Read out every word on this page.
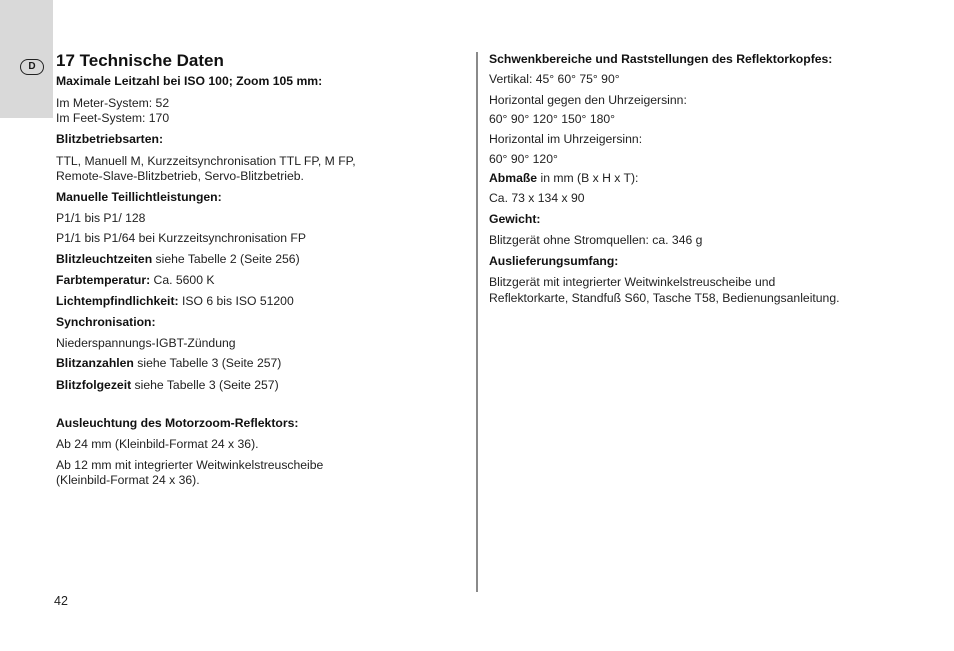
D	17 Technische Daten
Maximale Leitzahl bei ISO 100; Zoom 105 mm:
Im Meter-System: 52
Im Feet-System: 170
Blitzbetriebsarten:
TTL, Manuell M, Kurzzeitsynchronisation TTL FP, M FP,
Remote-Slave-Blitzbetrieb, Servo-Blitzbetrieb.
Manuelle Teillichtleistungen:
P1/1 bis P1/ 128
P1/1 bis P1/64 bei Kurzzeitsynchronisation FP
Blitzleuchtzeiten siehe Tabelle 2 (Seite 256)
Farbtemperatur: Ca. 5600 K
Lichtempfindlichkeit: ISO 6 bis ISO 51200
Synchronisation:
Niederspannungs-IGBT-Zündung
Blitzanzahlen siehe Tabelle 3 (Seite 257)
Blitzfolgezeit siehe Tabelle 3 (Seite 257)
Ausleuchtung des Motorzoom-Reflektors:
Ab 24 mm (Kleinbild-Format 24 x 36).
Ab 12 mm mit integrierter Weitwinkelstreuscheibe
(Kleinbild-Format 24 x 36).
Schwenkbereiche und Raststellungen des Reflektorkopfes:
Vertikal: 45° 60° 75° 90°
Horizontal gegen den Uhrzeigersinn:
60° 90° 120° 150° 180°
Horizontal im Uhrzeigersinn:
60° 90° 120°
Abmaße in mm (B x H x T):
Ca. 73 x 134 x 90
Gewicht:
Blitzgerät ohne Stromquellen: ca. 346 g
Auslieferungsumfang:
Blitzgerät mit integrierter Weitwinkelstreuscheibe und
Reflektorkarte, Standfuß S60, Tasche T58, Bedienungsanleitung.
42
